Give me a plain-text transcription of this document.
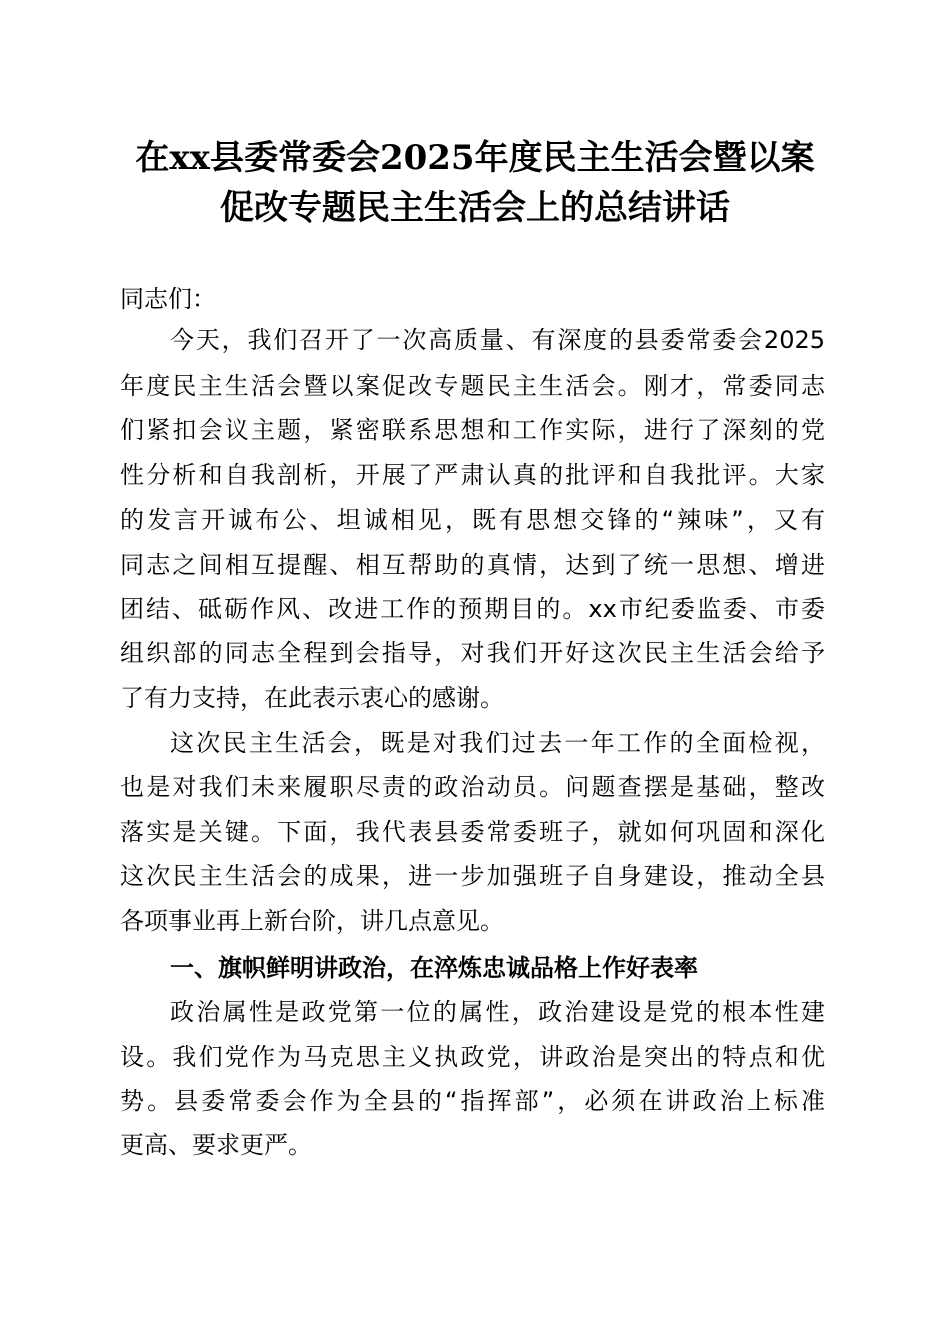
在xx县委常委会2025年度民主生活会暨以案
促改专题民主生活会上的总结讲话
同志们：
今天，我们召开了一次高质量、有深度的县委常委会2025
年度民主生活会暨以案促改专题民主生活会。刚才，常委同志
们紧扣会议主题，紧密联系思想和工作实际，进行了深刻的党
性分析和自我剖析，开展了严肃认真的批评和自我批评。大家
的发言开诚布公、坦诚相见，既有思想交锋的“辣味”，又有
同志之间相互提醒、相互帮助的真情，达到了统一思想、增进
团结、砥砺作风、改进工作的预期目的。xx市纪委监委、市委
组织部的同志全程到会指导，对我们开好这次民主生活会给予
了有力支持，在此表示衷心的感谢。
这次民主生活会，既是对我们过去一年工作的全面检视，
也是对我们未来履职尽责的政治动员。问题查摆是基础，整改
落实是关键。下面，我代表县委常委班子，就如何巩固和深化
这次民主生活会的成果，进一步加强班子自身建设，推动全县
各项事业再上新台阶，讲几点意见。
一、旗帜鲜明讲政治，在淬炼忠诚品格上作好表率
政治属性是政党第一位的属性，政治建设是党的根本性建
设。我们党作为马克思主义执政党，讲政治是突出的特点和优
势。县委常委会作为全县的“指挥部”，必须在讲政治上标准
更高、要求更严。
